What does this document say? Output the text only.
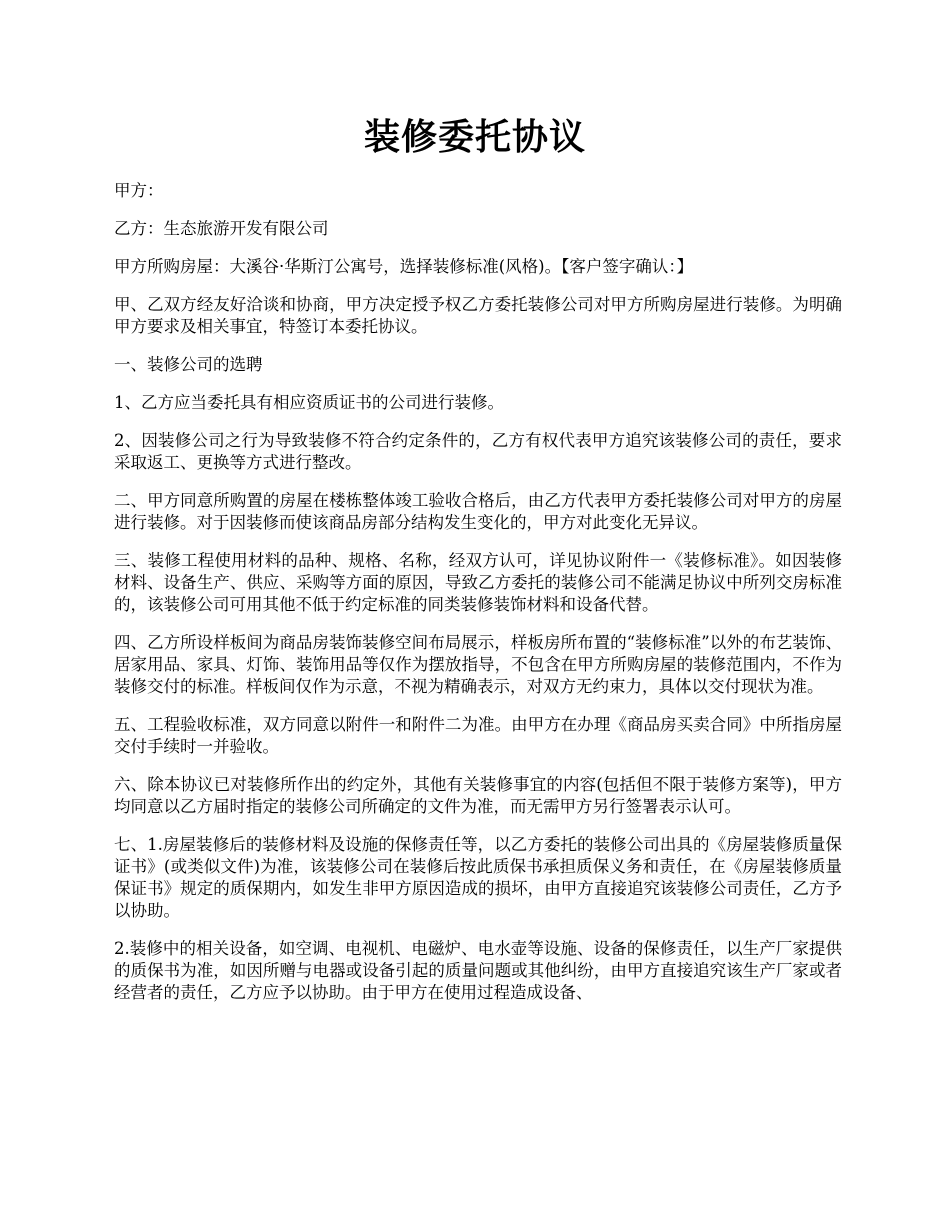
装修委托协议

甲方：

乙方：生态旅游开发有限公司

甲方所购房屋：大溪谷·华斯汀公寓号，选择装修标准(风格)。【客户签字确认：】

甲、乙双方经友好洽谈和协商，甲方决定授予权乙方委托装修公司对甲方所购房屋进行装修。为明确甲方要求及相关事宜，特签订本委托协议。

一、装修公司的选聘

1、乙方应当委托具有相应资质证书的公司进行装修。

2、因装修公司之行为导致装修不符合约定条件的，乙方有权代表甲方追究该装修公司的责任，要求采取返工、更换等方式进行整改。

二、甲方同意所购置的房屋在楼栋整体竣工验收合格后，由乙方代表甲方委托装修公司对甲方的房屋进行装修。对于因装修而使该商品房部分结构发生变化的，甲方对此变化无异议。

三、装修工程使用材料的品种、规格、名称，经双方认可，详见协议附件一《装修标准》。如因装修材料、设备生产、供应、采购等方面的原因，导致乙方委托的装修公司不能满足协议中所列交房标准的，该装修公司可用其他不低于约定标准的同类装修装饰材料和设备代替。

四、乙方所设样板间为商品房装饰装修空间布局展示，样板房所布置的“装修标准”以外的布艺装饰、居家用品、家具、灯饰、装饰用品等仅作为摆放指导，不包含在甲方所购房屋的装修范围内，不作为装修交付的标准。样板间仅作为示意，不视为精确表示，对双方无约束力，具体以交付现状为准。

五、工程验收标准，双方同意以附件一和附件二为准。由甲方在办理《商品房买卖合同》中所指房屋交付手续时一并验收。

六、除本协议已对装修所作出的约定外，其他有关装修事宜的内容(包括但不限于装修方案等)，甲方均同意以乙方届时指定的装修公司所确定的文件为准，而无需甲方另行签署表示认可。

七、1.房屋装修后的装修材料及设施的保修责任等，以乙方委托的装修公司出具的《房屋装修质量保证书》(或类似文件)为准，该装修公司在装修后按此质保书承担质保义务和责任，在《房屋装修质量保证书》规定的质保期内，如发生非甲方原因造成的损坏，由甲方直接追究该装修公司责任，乙方予以协助。

2.装修中的相关设备，如空调、电视机、电磁炉、电水壶等设施、设备的保修责任，以生产厂家提供的质保书为准，如因所赠与电器或设备引起的质量问题或其他纠纷，由甲方直接追究该生产厂家或者经营者的责任，乙方应予以协助。由于甲方在使用过程造成设备、
